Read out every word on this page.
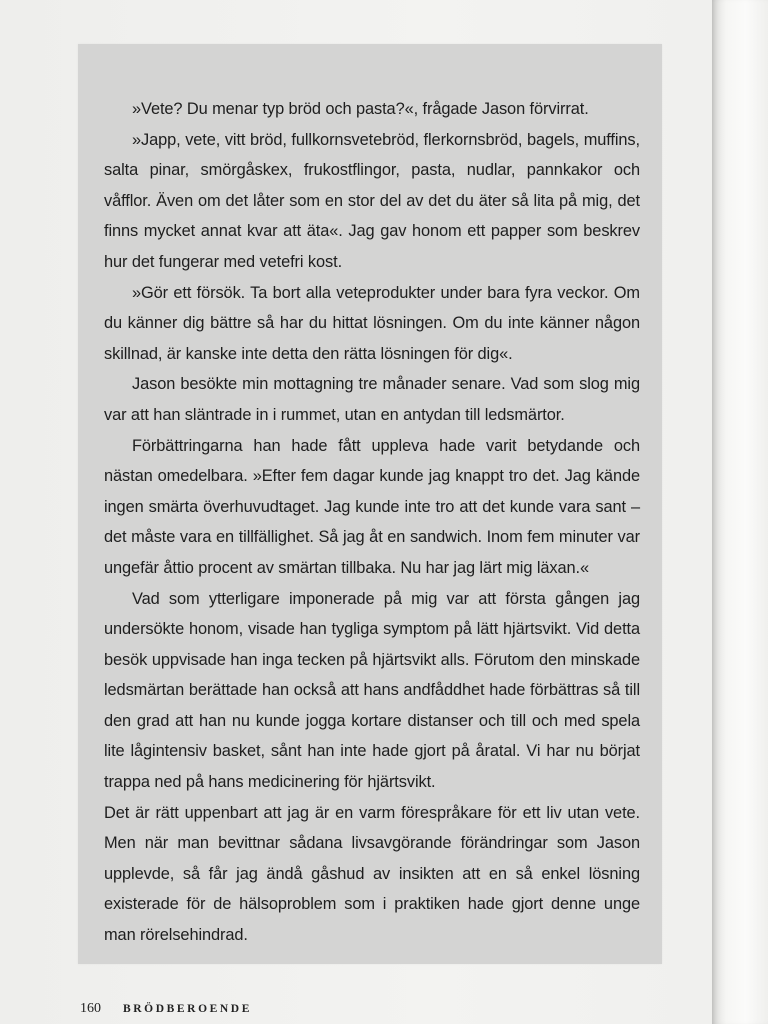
»Vete? Du menar typ bröd och pasta?«, frågade Jason förvirrat.

»Japp, vete, vitt bröd, fullkornsvetebröd, flerkornsbröd, bagels, muffins, salta pinar, smörgåskex, frukostflingor, pasta, nudlar, pannkakor och våfflor. Även om det låter som en stor del av det du äter så lita på mig, det finns mycket annat kvar att äta«. Jag gav honom ett papper som beskrev hur det fungerar med vetefri kost.

»Gör ett försök. Ta bort alla veteprodukter under bara fyra veckor. Om du känner dig bättre så har du hittat lösningen. Om du inte känner någon skillnad, är kanske inte detta den rätta lösningen för dig«.

Jason besökte min mottagning tre månader senare. Vad som slog mig var att han släntrade in i rummet, utan en antydan till ledsmärtor.

Förbättringarna han hade fått uppleva hade varit betydande och nästan omedelbara. »Efter fem dagar kunde jag knappt tro det. Jag kände ingen smärta överhuvudtaget. Jag kunde inte tro att det kunde vara sant – det måste vara en tillfällighet. Så jag åt en sandwich. Inom fem minuter var ungefär åttio procent av smärtan tillbaka. Nu har jag lärt mig läxan.«

Vad som ytterligare imponerade på mig var att första gången jag undersökte honom, visade han tygliga symptom på lätt hjärtsvikt. Vid detta besök uppvisade han inga tecken på hjärtsvikt alls. Förutom den minskade ledsmärtan berättade han också att hans andfåddhet hade förbättras så till den grad att han nu kunde jogga kortare distanser och till och med spela lite lågintensiv basket, sånt han inte hade gjort på åratal. Vi har nu börjat trappa ned på hans medicinering för hjärtsvikt.

Det är rätt uppenbart att jag är en varm förespråkare för ett liv utan vete. Men när man bevittnar sådana livsavgörande förändringar som Jason upplevde, så får jag ändå gåshud av insikten att en så enkel lösning existerade för de hälsoproblem som i praktiken hade gjort denne unge man rörelsehindrad.

160 BRÖDBEROENDE
